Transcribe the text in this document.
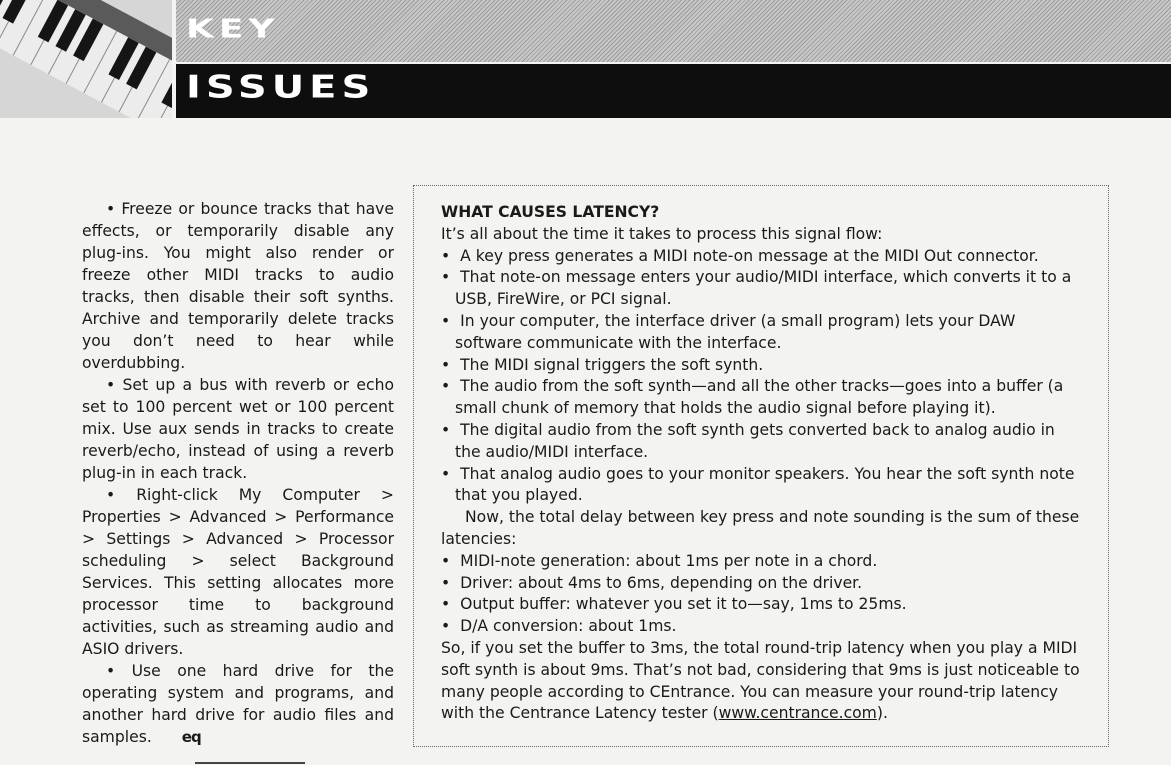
KEY
ISSUES

• Freeze or bounce tracks that have effects, or temporarily disable any plug-ins. You might also render or freeze other MIDI tracks to audio tracks, then disable their soft synths. Archive and temporarily delete tracks you don’t need to hear while overdubbing.

• Set up a bus with reverb or echo set to 100 percent wet or 100 percent mix. Use aux sends in tracks to create reverb/echo, instead of using a reverb plug-in in each track.

• Right-click My Computer > Properties > Advanced > Performance > Settings > Advanced > Processor scheduling > select Background Services. This setting allocates more processor time to background activities, such as streaming audio and ASIO drivers.

• Use one hard drive for the operating system and programs, and another hard drive for audio files and samples. eq

WHAT CAUSES LATENCY?

It’s all about the time it takes to process this signal flow:

•  A key press generates a MIDI note-on message at the MIDI Out connector.
•  That note-on message enters your audio/MIDI interface, which converts it to a USB, FireWire, or PCI signal.
•  In your computer, the interface driver (a small program) lets your DAW software communicate with the interface.
•  The MIDI signal triggers the soft synth.
•  The audio from the soft synth—and all the other tracks—goes into a buffer (a small chunk of memory that holds the audio signal before playing it).
•  The digital audio from the soft synth gets converted back to analog audio in the audio/MIDI interface.
•  That analog audio goes to your monitor speakers. You hear the soft synth note that you played.

Now, the total delay between key press and note sounding is the sum of these latencies:

•  MIDI-note generation: about 1ms per note in a chord.
•  Driver: about 4ms to 6ms, depending on the driver.
•  Output buffer: whatever you set it to—say, 1ms to 25ms.
•  D/A conversion: about 1ms.

So, if you set the buffer to 3ms, the total round-trip latency when you play a MIDI soft synth is about 9ms. That’s not bad, considering that 9ms is just noticeable to many people according to CEntrance. You can measure your round-trip latency with the Centrance Latency tester (www.centrance.com).
